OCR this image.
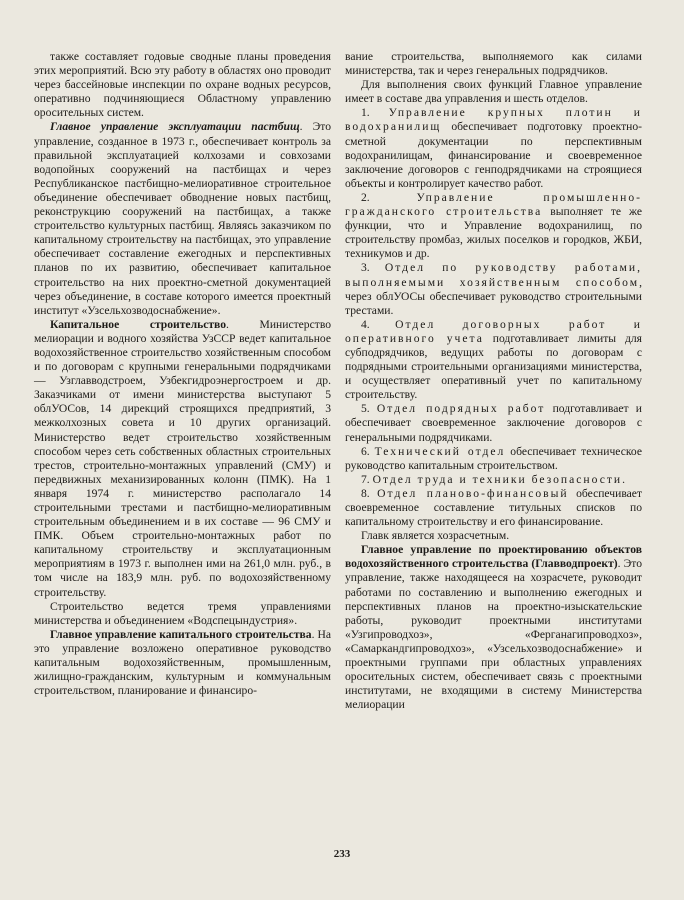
также составляет годовые сводные планы проведения этих мероприятий. Всю эту работу в областях оно проводит через бассейновые инспекции по охране водных ресурсов, оперативно подчиняющиеся Областному управлению оросительных систем.

Главное управление эксплуатации пастбищ. Это управление, созданное в 1973 г., обеспечивает контроль за правильной эксплуатацией колхозами и совхозами водопойных сооружений на пастбищах и через Республиканское пастбищно-мелиоративное строительное объединение обеспечивает обводнение новых пастбищ, реконструкцию сооружений на пастбищах, а также строительство культурных пастбищ. Являясь заказчиком по капитальному строительству на пастбищах, это управление обеспечивает составление ежегодных и перспективных планов по их развитию, обеспечивает капитальное строительство на них проектно-сметной документацией через объединение, в составе которого имеется проектный институт «Узсельхозводоснабжение».

Капитальное строительство. Министерство мелиорации и водного хозяйства УзССР ведет капитальное водохозяйственное строительство хозяйственным способом и по договорам с крупными генеральными подрядчиками — Узглавводстроем, Узбекгидроэнергостроем и др. Заказчиками от имени министерства выступают 5 облУОСов, 14 дирекций строящихся предприятий, 3 межколхозных совета и 10 других организаций. Министерство ведет строительство хозяйственным способом через сеть собственных областных строительных трестов, строительно-монтажных управлений (СМУ) и передвижных механизированных колонн (ПМК). На 1 января 1974 г. министерство располагало 14 строительными трестами и пастбищно-мелиоративным строительным объединением и в их составе — 96 СМУ и ПМК. Объем строительно-монтажных работ по капитальному строительству и эксплуатационным мероприятиям в 1973 г. выполнен ими на 261,0 млн. руб., в том числе на 183,9 млн. руб. по водохозяйственному строительству.

Строительство ведется тремя управлениями министерства и объединением «Водспецындустрия».

Главное управление капитального строительства. На это управление возложено оперативное руководство капитальным водохозяйственным, промышленным, жилищно-гражданским, культурным и коммунальным строительством, планирование и финансиро-

вание строительства, выполняемого как силами министерства, так и через генеральных подрядчиков.

Для выполнения своих функций Главное управление имеет в составе два управления и шесть отделов.

1. Управление крупных плотин и водохранилищ обеспечивает подготовку проектно-сметной документации по перспективным водохранилищам, финансирование и своевременное заключение договоров с генподрядчиками на строящиеся объекты и контролирует качество работ.

2. Управление промышленно-гражданского строительства выполняет те же функции, что и Управление водохранилищ, по строительству промбаз, жилых поселков и городков, ЖБИ, техникумов и др.

3. Отдел по руководству работами, выполняемыми хозяйственным способом, через облУОСы обеспечивает руководство строительными трестами.

4. Отдел договорных работ и оперативного учета подготавливает лимиты для субподрядчиков, ведущих работы по договорам с подрядными строительными организациями министерства, и осуществляет оперативный учет по капитальному строительству.

5. Отдел подрядных работ подготавливает и обеспечивает своевременное заключение договоров с генеральными подрядчиками.

6. Технический отдел обеспечивает техническое руководство капитальным строительством.

7. Отдел труда и техники безопасности.

8. Отдел планово-финансовый обеспечивает своевременное составление титульных списков по капитальному строительству и его финансирование.

Главк является хозрасчетным.

Главное управление по проектированию объектов водохозяйственного строительства (Главводпроект). Это управление, также находящееся на хозрасчете, руководит работами по составлению и выполнению ежегодных и перспективных планов на проектно-изыскательские работы, руководит проектными институтами «Узгипроводхоз», «Ферганагипроводхоз», «Самаркандгипроводхоз», «Узсельхозводоснабжение» и проектными группами при областных управлениях оросительных систем, обеспечивает связь с проектными институтами, не входящими в систему Министерства мелиорации

233
